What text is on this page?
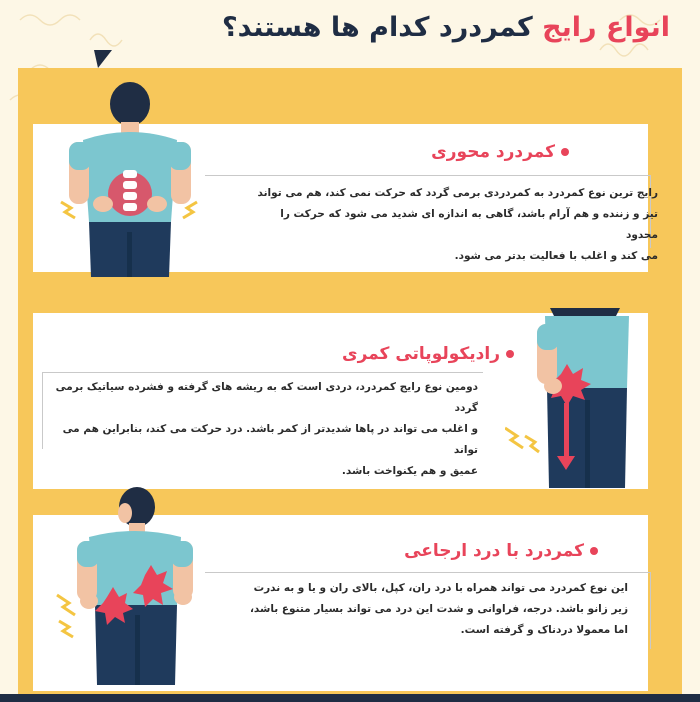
انواع رایج کمردرد کدام ها هستند؟
کمردرد محوری
رایج ترین نوع کمردرد به کمردردی برمی گردد که حرکت نمی کند، هم می تواند
تیز و زننده و هم آرام باشد، گاهی به اندازه ای شدید می شود که حرکت را محدود
می کند و اغلب با فعالیت بدتر می شود.
رادیکولوپاتی کمری
دومین نوع رایج کمردرد، دردی است که به ریشه های گرفته و فشرده سیاتیک برمی گردد
و اغلب می تواند در پاها شدیدتر از کمر باشد. درد حرکت می کند، بنابراین هم می تواند
عمیق و هم یکنواخت باشد.
کمردرد با درد ارجاعی
این نوع کمردرد می تواند همراه با درد ران، کپل، بالای ران و یا و به ندرت
زیر زانو باشد. درجه، فراوانی و شدت این درد می تواند بسیار متنوع باشد،
اما معمولا دردناک و گرفته است.
